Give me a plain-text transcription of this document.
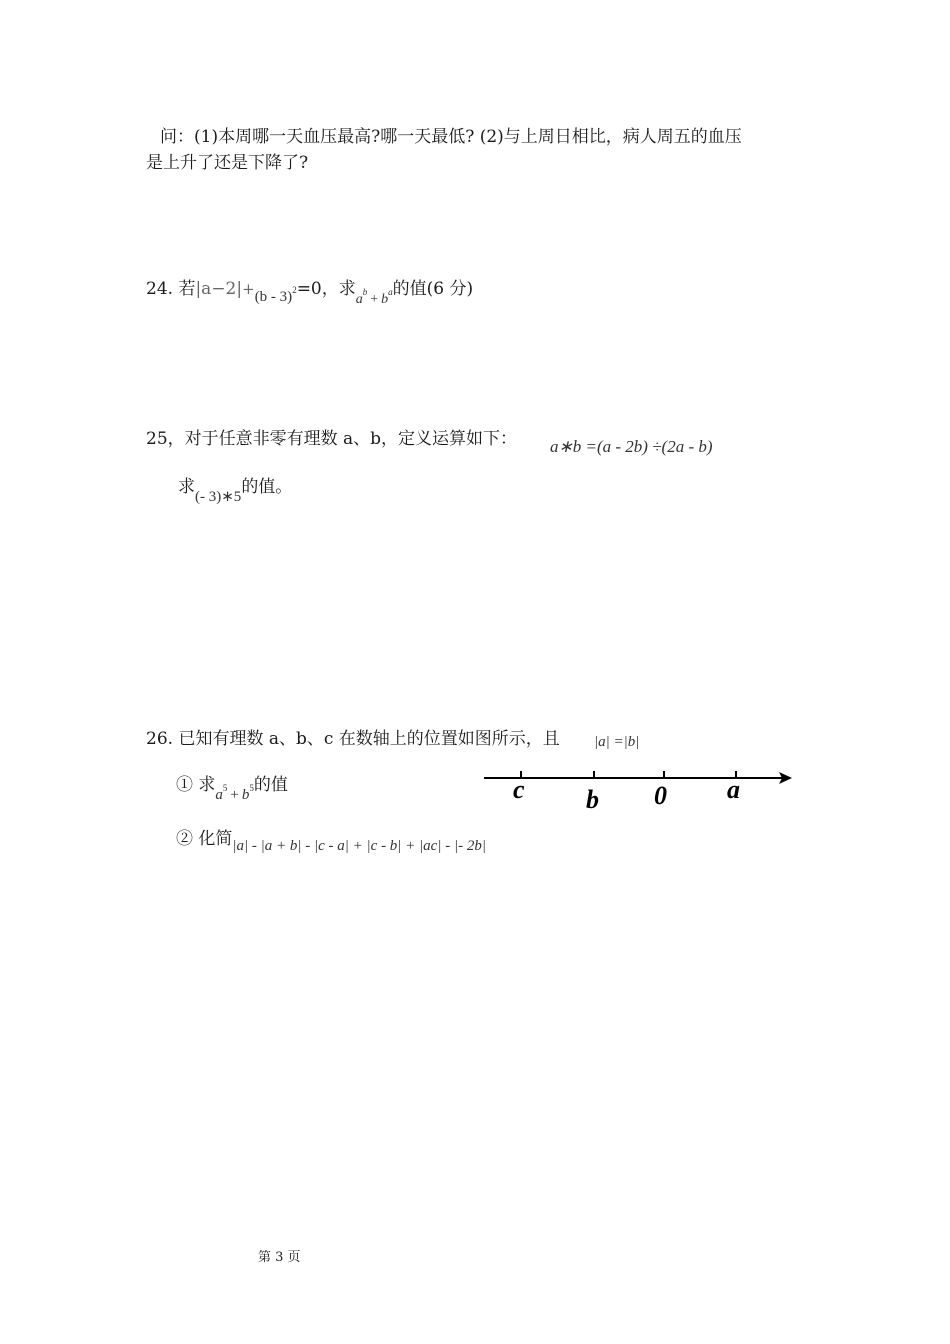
问：(1)本周哪一天血压最高?哪一天最低? (2)与上周日相比，病人周五的血压
是上升了还是下降了?
24. 若|a−2|+(b - 3)2=0，求$a^b + b^a$的值(6 分)
25，对于任意非零有理数 a、b，定义运算如下： a∗b =(a - 2b) ÷(2a - b)
求(- 3)∗5的值。
26. 已知有理数 a、b、c 在数轴上的位置如图所示，且 |a| =|b|
① 求$a^5 + b^5$的值
② 化简|a| - |a + b| - |c - a| + |c - b| + |ac| - |- 2b|
c b 0 a
第 3 页
